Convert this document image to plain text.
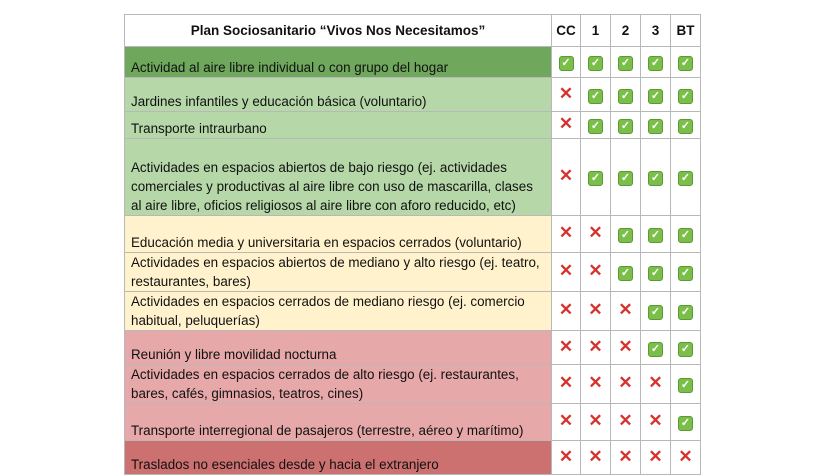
Plan Sociosanitario “Vivos Nos Necesitamos”	CC	1	2	3	BT
Actividad al aire libre individual o con grupo del hogar	✓	✓	✓	✓	✓
Jardines infantiles y educación básica (voluntario)	✕	✓	✓	✓	✓
Transporte intraurbano	✕	✓	✓	✓	✓
Actividades en espacios abiertos de bajo riesgo (ej. actividades comerciales y productivas al aire libre con uso de mascarilla, clases al aire libre, oficios religiosos al aire libre con aforo reducido, etc)	✕	✓	✓	✓	✓
Educación media y universitaria en espacios cerrados (voluntario)	✕	✕	✓	✓	✓
Actividades en espacios abiertos de mediano y alto riesgo (ej. teatro, restaurantes, bares)	✕	✕	✓	✓	✓
Actividades en espacios cerrados de mediano riesgo (ej. comercio habitual, peluquerías)	✕	✕	✕	✓	✓
Reunión y libre movilidad nocturna	✕	✕	✕	✓	✓
Actividades en espacios cerrados de alto riesgo (ej. restaurantes, bares, cafés, gimnasios, teatros, cines)	✕	✕	✕	✕	✓
Transporte interregional de pasajeros (terrestre, aéreo y marítimo)	✕	✕	✕	✕	✓
Traslados no esenciales desde y hacia el extranjero	✕	✕	✕	✕	✕
